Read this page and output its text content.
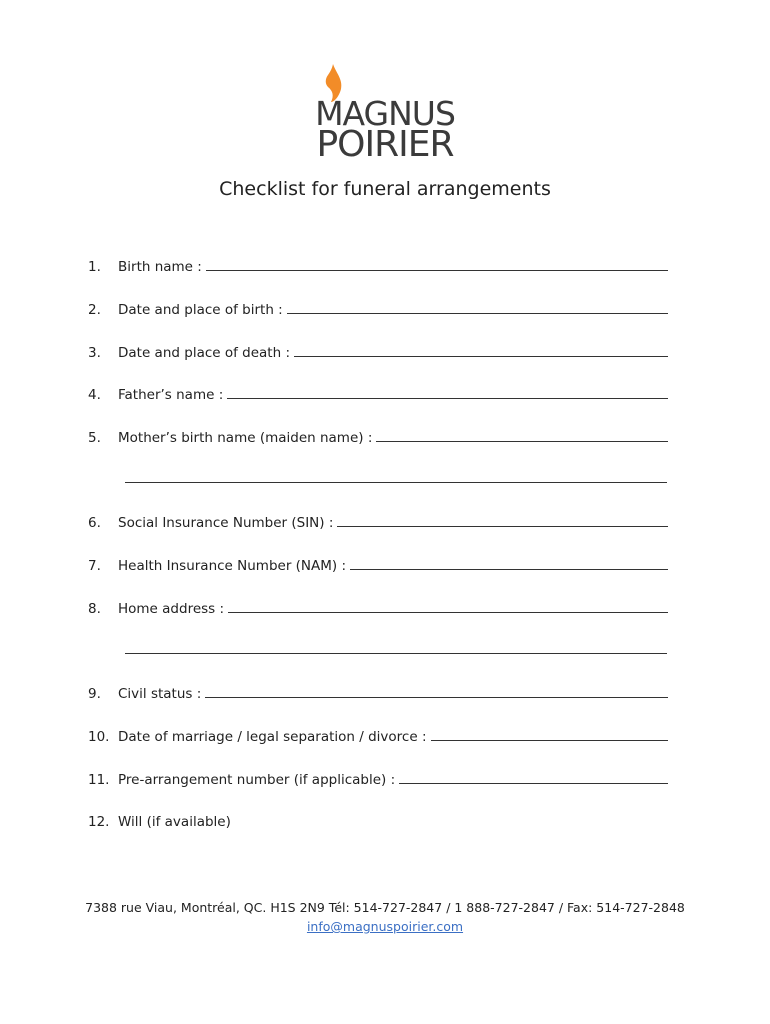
MAGNUS
POIRIER
Checklist for funeral arrangements
1.	Birth name :
2.	Date and place of birth :
3.	Date and place of death :
4.	Father’s name :
5.	Mother’s birth name (maiden name) :
6.	Social Insurance Number (SIN) :
7.	Health Insurance Number (NAM) :
8.	Home address :
9.	Civil status :
10. Date of marriage / legal separation / divorce :
11. Pre-arrangement number (if applicable) :
12. Will (if available)
7388 rue Viau, Montréal, QC. H1S 2N9 Tél: 514-727-2847 / 1 888-727-2847 / Fax: 514-727-2848
info@magnuspoirier.com
